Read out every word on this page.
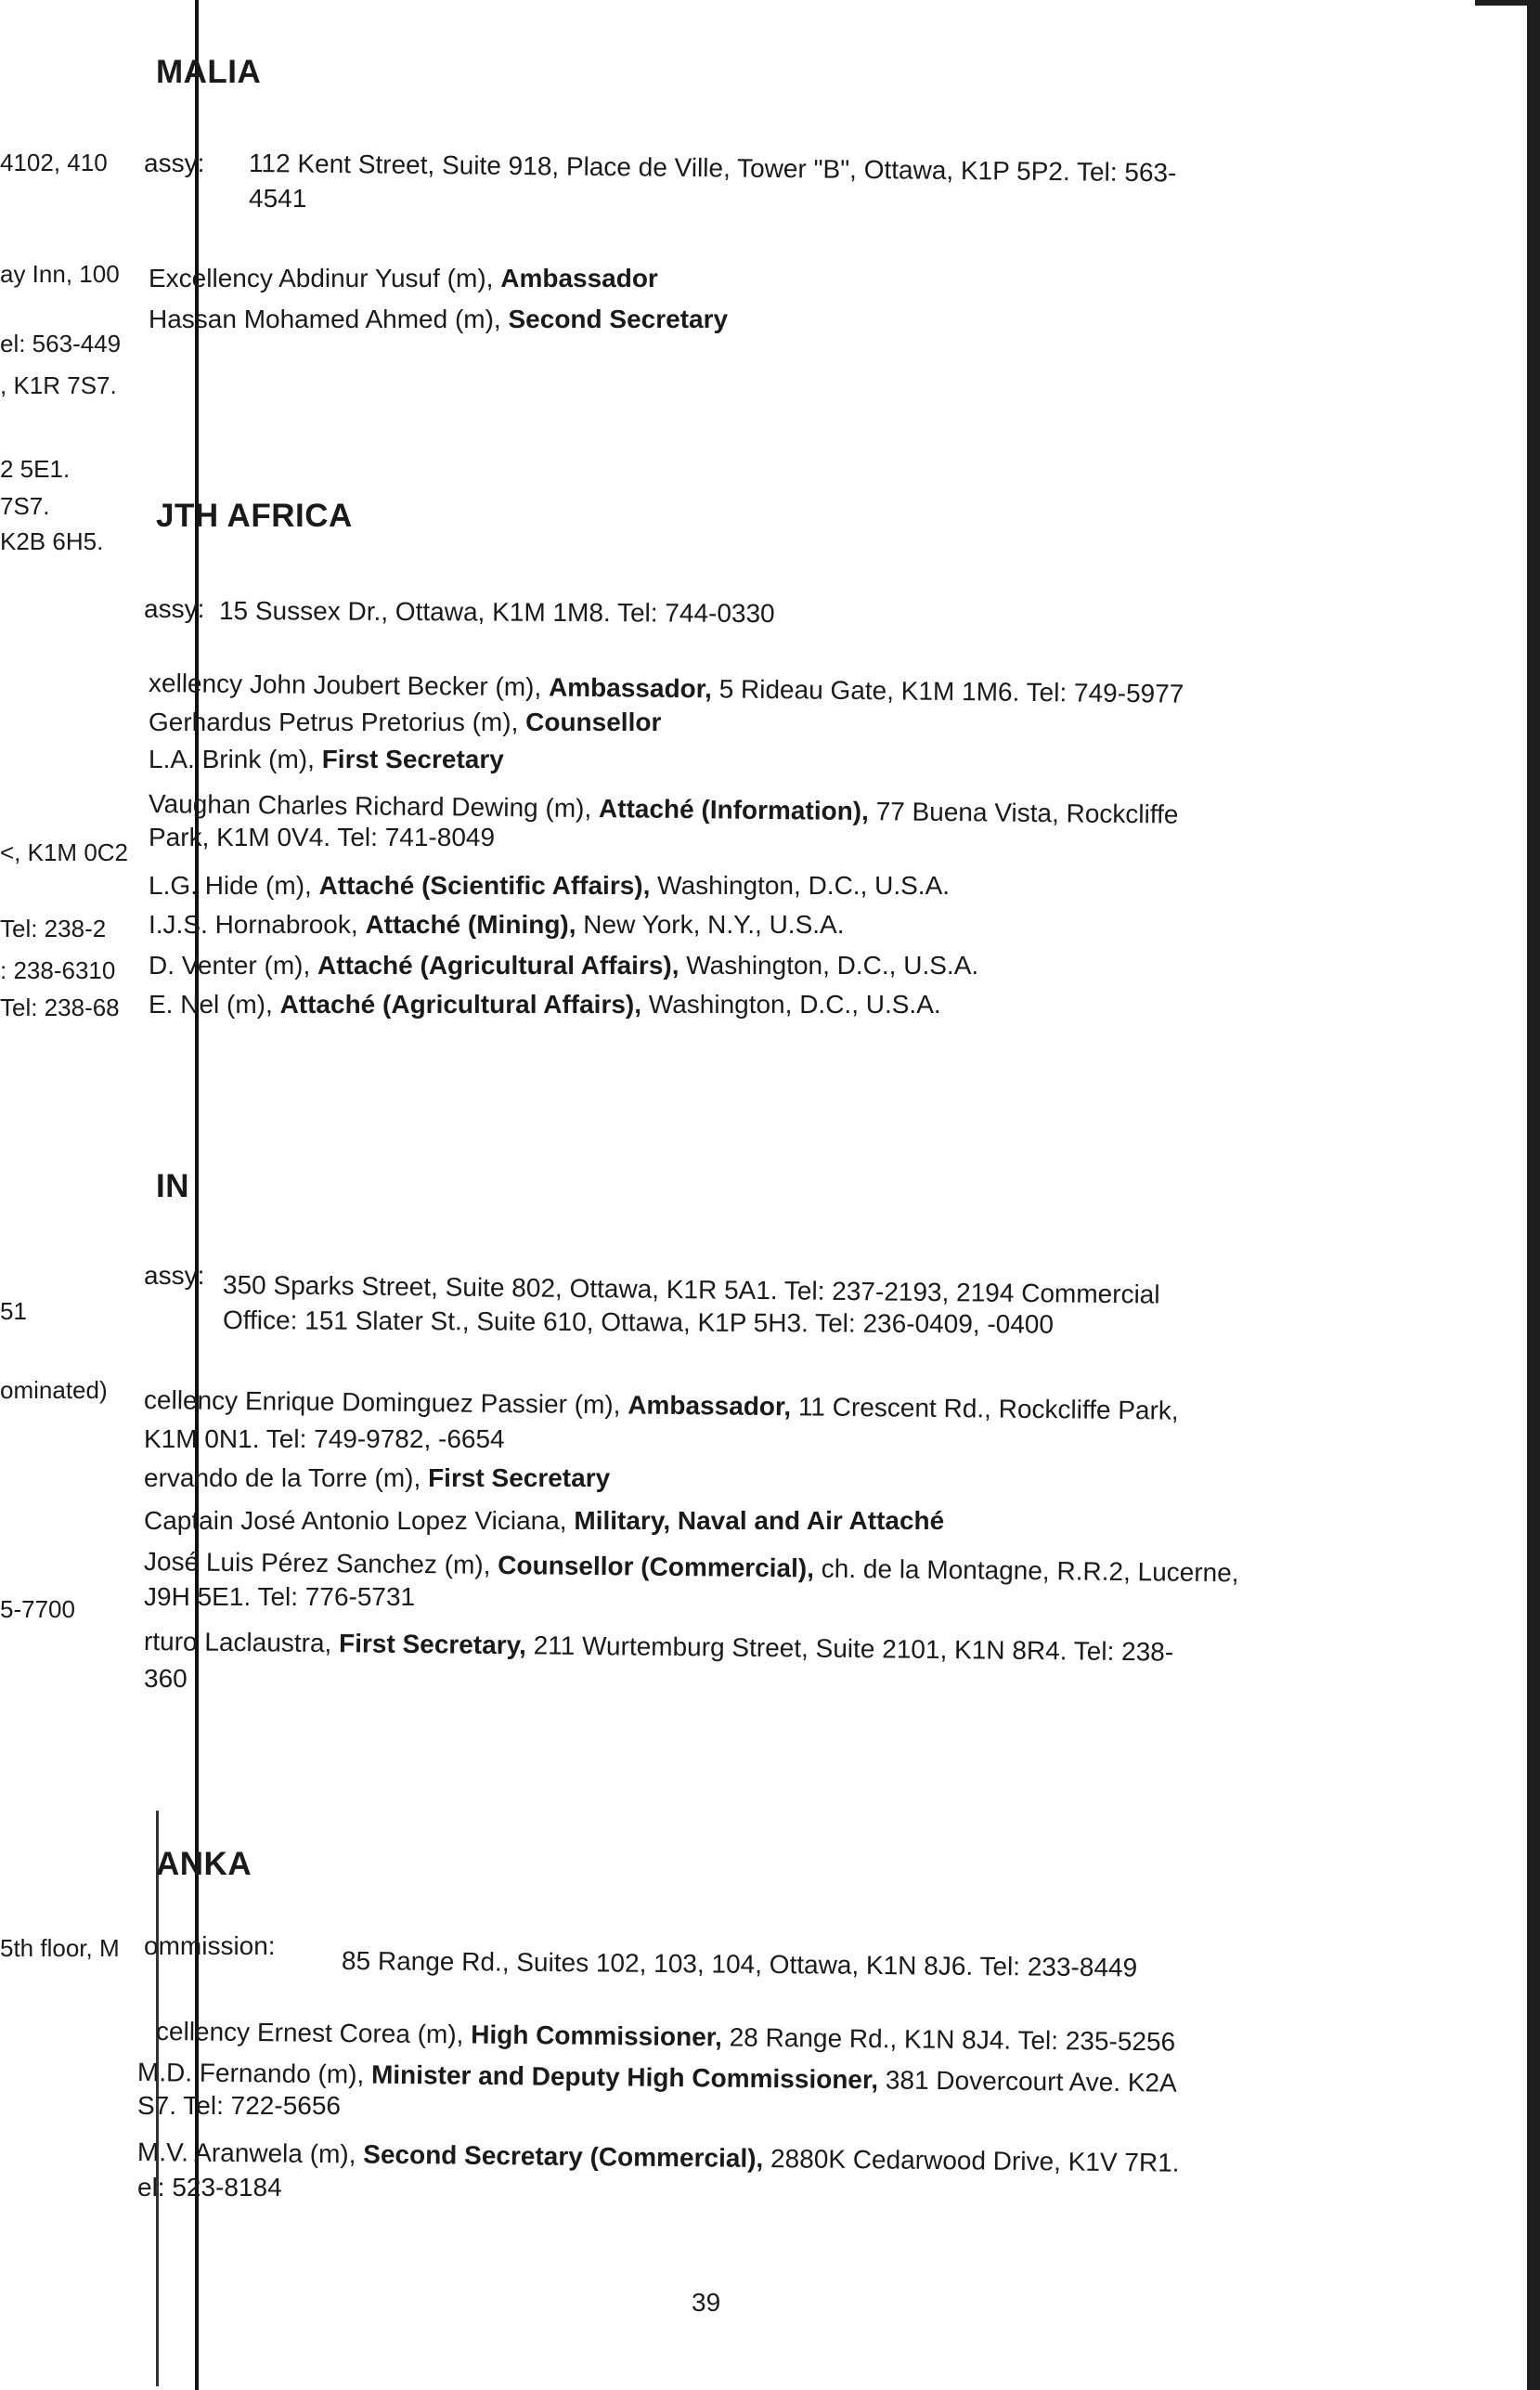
4102, 410
ay Inn, 100
el: 563-449
, K1R 7S7.
2 5E1.
7S7.
K2B 6H5.
<, K1M 0C2
Tel: 238-2
: 238-6310
Tel: 238-68
51
ominated)
5-7700
5th floor, M
MALIA
assy: 112 Kent Street, Suite 918, Place de Ville, Tower "B", Ottawa, K1P 5P2. Tel: 563-
4541
Excellency Abdinur Yusuf (m), Ambassador
Hassan Mohamed Ahmed (m), Second Secretary
JTH AFRICA
assy: 15 Sussex Dr., Ottawa, K1M 1M8. Tel: 744-0330
xellency John Joubert Becker (m), Ambassador, 5 Rideau Gate, K1M 1M6. Tel: 749-5977
Gerhardus Petrus Pretorius (m), Counsellor
L.A. Brink (m), First Secretary
Vaughan Charles Richard Dewing (m), Attaché (Information), 77 Buena Vista, Rockcliffe
Park, K1M 0V4. Tel: 741-8049
L.G. Hide (m), Attaché (Scientific Affairs), Washington, D.C., U.S.A.
I.J.S. Hornabrook, Attaché (Mining), New York, N.Y., U.S.A.
D. Venter (m), Attaché (Agricultural Affairs), Washington, D.C., U.S.A.
E. Nel (m), Attaché (Agricultural Affairs), Washington, D.C., U.S.A.
IN
assy: 350 Sparks Street, Suite 802, Ottawa, K1R 5A1. Tel: 237-2193, 2194 Commercial
Office: 151 Slater St., Suite 610, Ottawa, K1P 5H3. Tel: 236-0409, -0400
cellency Enrique Dominguez Passier (m), Ambassador, 11 Crescent Rd., Rockcliffe Park,
K1M 0N1. Tel: 749-9782, -6654
ervando de la Torre (m), First Secretary
Captain José Antonio Lopez Viciana, Military, Naval and Air Attaché
José Luis Pérez Sanchez (m), Counsellor (Commercial), ch. de la Montagne, R.R.2, Lucerne,
J9H 5E1. Tel: 776-5731
rturo Laclaustra, First Secretary, 211 Wurtemburg Street, Suite 2101, K1N 8R4. Tel: 238-
360
ANKA
ommission:
85 Range Rd., Suites 102, 103, 104, Ottawa, K1N 8J6. Tel: 233-8449
cellency Ernest Corea (m), High Commissioner, 28 Range Rd., K1N 8J4. Tel: 235-5256
M.D. Fernando (m), Minister and Deputy High Commissioner, 381 Dovercourt Ave. K2A
S7. Tel: 722-5656
M.V. Aranwela (m), Second Secretary (Commercial), 2880K Cedarwood Drive, K1V 7R1.
el: 523-8184
39
